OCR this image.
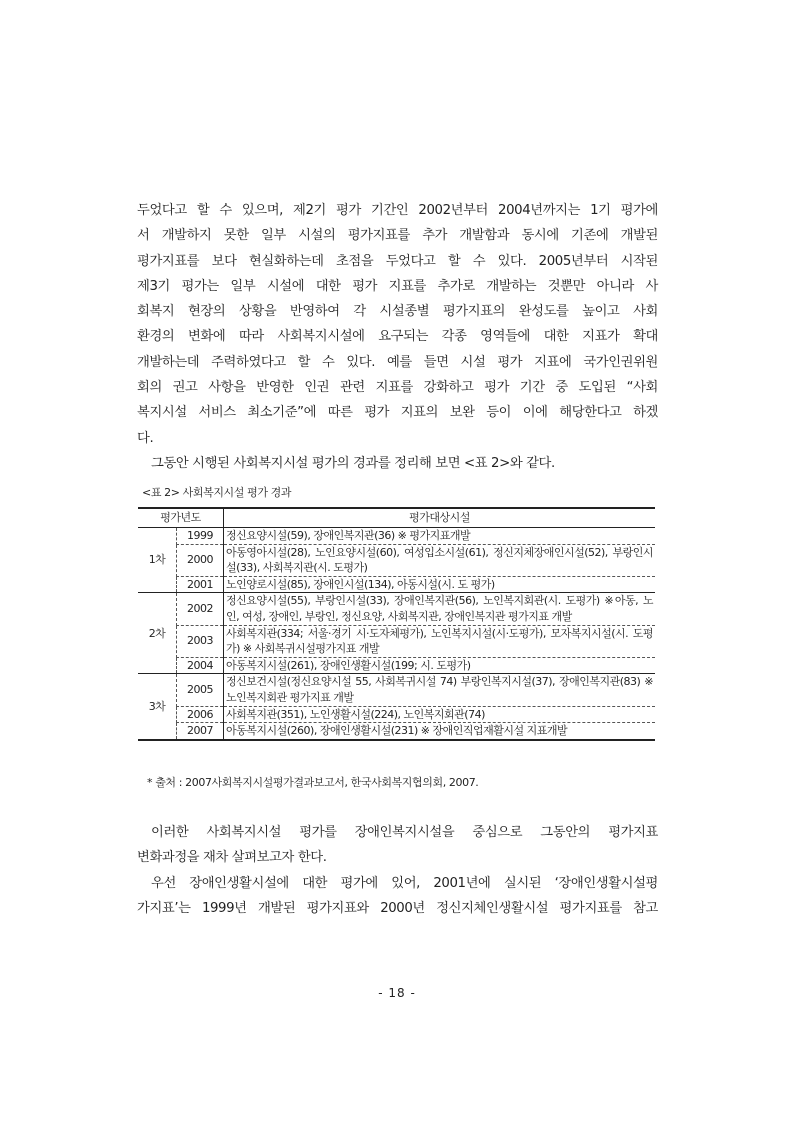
두었다고 할 수 있으며, 제2기 평가 기간인 2002년부터 2004년까지는 1기 평가에
서 개발하지 못한 일부 시설의 평가지표를 추가 개발함과 동시에 기존에 개발된
평가지표를 보다 현실화하는데 초점을 두었다고 할 수 있다. 2005년부터 시작된
제3기 평가는 일부 시설에 대한 평가 지표를 추가로 개발하는 것뿐만 아니라 사
회복지 현장의 상황을 반영하여 각 시설종별 평가지표의 완성도를 높이고 사회
환경의 변화에 따라 사회복지시설에 요구되는 각종 영역들에 대한 지표가 확대
개발하는데 주력하였다고 할 수 있다. 예를 들면 시설 평가 지표에 국가인권위원
회의 권고 사항을 반영한 인권 관련 지표를 강화하고 평가 기간 중 도입된 “사회
복지시설 서비스 최소기준”에 따른 평가 지표의 보완 등이 이에 해당한다고 하겠
다.
그동안 시행된 사회복지시설 평가의 경과를 정리해 보면 <표 2>와 같다.
<표 2> 사회복지시설 평가 경과
평가년도		평가대상시설
1차	1999	정신요양시설(59), 장애인복지관(36) ※ 평가지표개발
	2000	아동영아시설(28), 노인요양시설(60), 여성입소시설(61), 정신지체장애인시설(52), 부랑인시설(33), 사회복지관(시. 도평가)
	2001	노인양로시설(85), 장애인시설(134), 아동시설(시. 도 평가)
2차	2002	정신요양시설(55), 부랑인시설(33), 장애인복지관(56), 노인복지회관(시. 도평가) ※아동, 노인, 여성, 장애인, 부랑인, 정신요양, 사회복지관, 장애인복지관 평가지표 개발
	2003	사회복지관(334; 서울·경기 시·도자체평가), 노인복지시설(시·도평가), 모자복지시설(시. 도평가) ※ 사회복귀시설평가지표 개발
	2004	아동복지시설(261), 장애인생활시설(199; 시. 도평가)
3차	2005	정신보건시설(정신요양시설 55, 사회복귀시설 74) 부랑인복지시설(37), 장애인복지관(83) ※ 노인복지회관 평가지표 개발
	2006	사회복지관(351), 노인생활시설(224), 노인복지회관(74)
	2007	아동복지시설(260), 장애인생활시설(231) ※ 장애인직업재활시설 지표개발
* 출처 : 2007사회복지시설평가결과보고서, 한국사회복지협의회, 2007.
이러한 사회복지시설 평가를 장애인복지시설을 중심으로 그동안의 평가지표
변화과정을 재차 살펴보고자 한다.
우선 장애인생활시설에 대한 평가에 있어, 2001년에 실시된 ‘장애인생활시설평
가지표’는 1999년 개발된 평가지표와 2000년 정신지체인생활시설 평가지표를 참고
- 18 -
